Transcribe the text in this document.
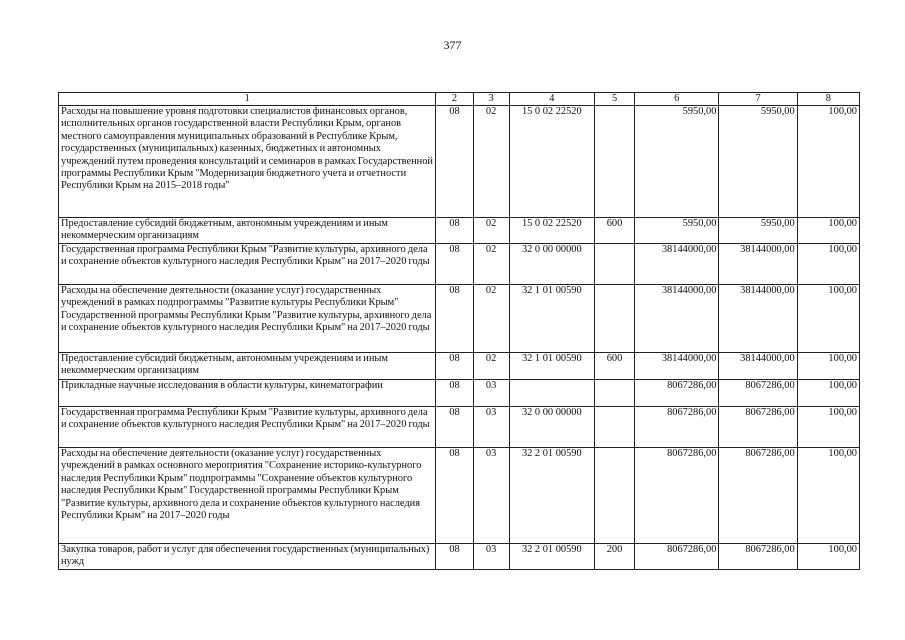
377
1	2	3	4	5	6	7	8
Расходы на повышение уровня подготовки специалистов финансовых органов, исполнительных органов государственной власти Республики Крым, органов местного самоуправления муниципальных образований в Республике Крым, государственных (муниципальных) казенных, бюджетных и автономных учреждений путем проведения консультаций и семинаров в рамках Государственной программы Республики Крым "Модернизация бюджетного учета и отчетности Республики Крым на 2015–2018 годы"	08	02	15 0 02 22520		5950,00	5950,00	100,00
Предоставление субсидий бюджетным, автономным учреждениям и иным некоммерческим организациям	08	02	15 0 02 22520	600	5950,00	5950,00	100,00
Государственная программа Республики Крым "Развитие культуры, архивного дела и сохранение объектов культурного наследия Республики Крым" на 2017–2020 годы	08	02	32 0 00 00000		38144000,00	38144000,00	100,00
Расходы на обеспечение деятельности (оказание услуг) государственных учреждений в рамках подпрограммы "Развитие культуры Республики Крым" Государственной программы Республики Крым "Развитие культуры, архивного дела и сохранение объектов культурного наследия Республики Крым" на 2017–2020 годы	08	02	32 1 01 00590		38144000,00	38144000,00	100,00
Предоставление субсидий бюджетным, автономным учреждениям и иным некоммерческим организациям	08	02	32 1 01 00590	600	38144000,00	38144000,00	100,00
Прикладные научные исследования в области культуры, кинематографии	08	03			8067286,00	8067286,00	100,00
Государственная программа Республики Крым "Развитие культуры, архивного дела и сохранение объектов культурного наследия Республики Крым" на 2017–2020 годы	08	03	32 0 00 00000		8067286,00	8067286,00	100,00
Расходы на обеспечение деятельности (оказание услуг) государственных учреждений в рамках основного мероприятия "Сохранение историко-культурного наследия Республики Крым" подпрограммы "Сохранение объектов культурного наследия Республики Крым" Государственной программы Республики Крым "Развитие культуры, архивного дела и сохранение объектов культурного наследия Республики Крым" на 2017–2020 годы	08	03	32 2 01 00590		8067286,00	8067286,00	100,00
Закупка товаров, работ и услуг для обеспечения государственных (муниципальных) нужд	08	03	32 2 01 00590	200	8067286,00	8067286,00	100,00
